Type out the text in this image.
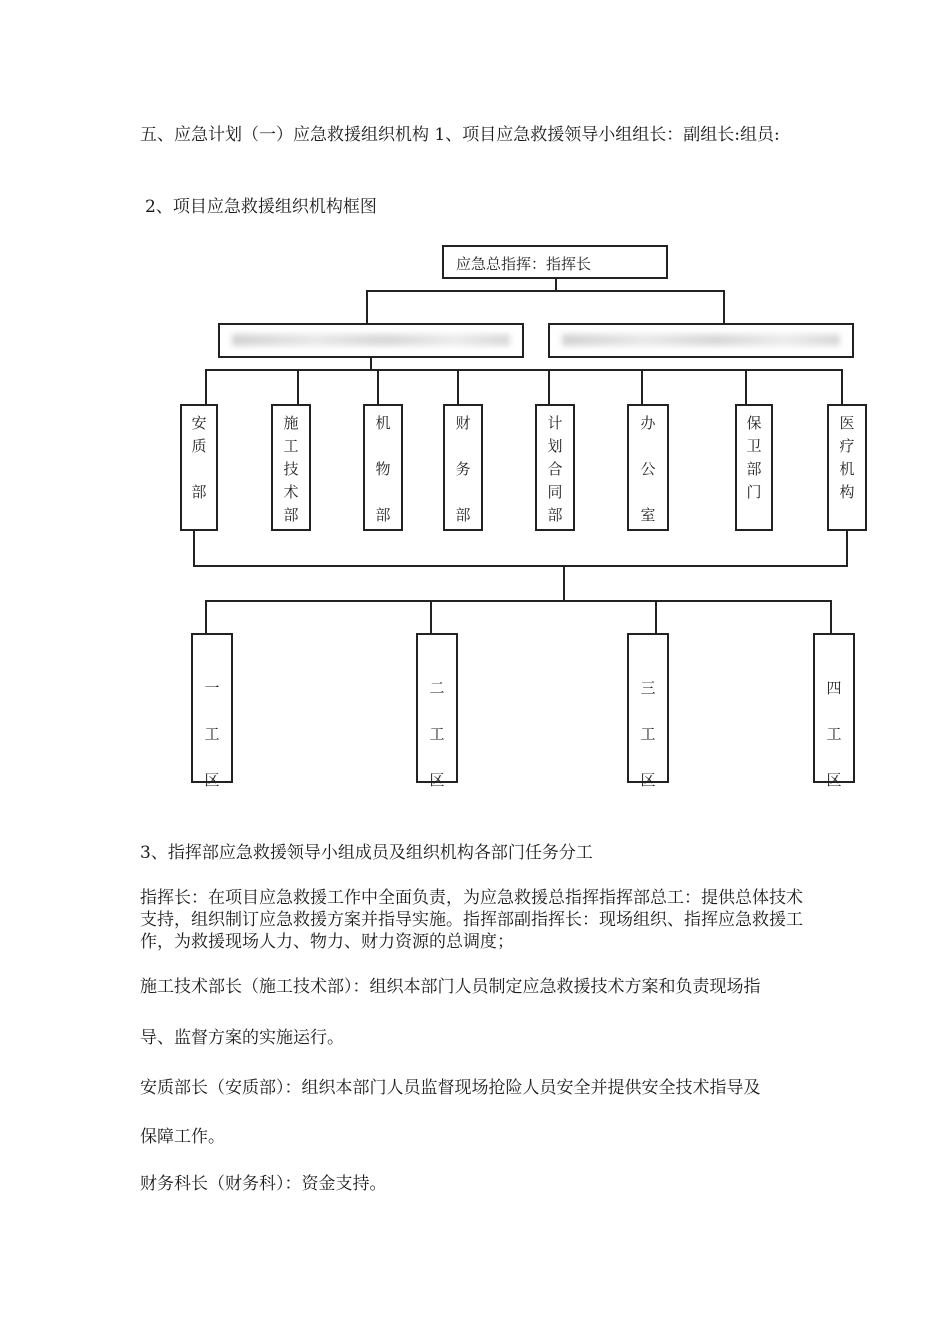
五、应急计划（一）应急救援组织机构 1、项目应急救援领导小组组长：副组长:组员:

2、项目应急救援组织机构框图

应急总指挥：指挥长
安
质

部
施
工
技
术
部
机

物

部
财

务

部
计
划
合
同
部
办

公

室
保
卫
部
门
医
疗
机
构
一
工
区
二
工
区
三
工
区
四
工
区

3、指挥部应急救援领导小组成员及组织机构各部门任务分工

指挥长：在项目应急救援工作中全面负责，为应急救援总指挥指挥部总工：提供总体技术支持，组织制订应急救援方案并指导实施。指挥部副指挥长：现场组织、指挥应急救援工作，为救援现场人力、物力、财力资源的总调度；

施工技术部长（施工技术部）：组织本部门人员制定应急救援技术方案和负责现场指

导、监督方案的实施运行。

安质部长（安质部）：组织本部门人员监督现场抢险人员安全并提供安全技术指导及

保障工作。

财务科长（财务科）：资金支持。
